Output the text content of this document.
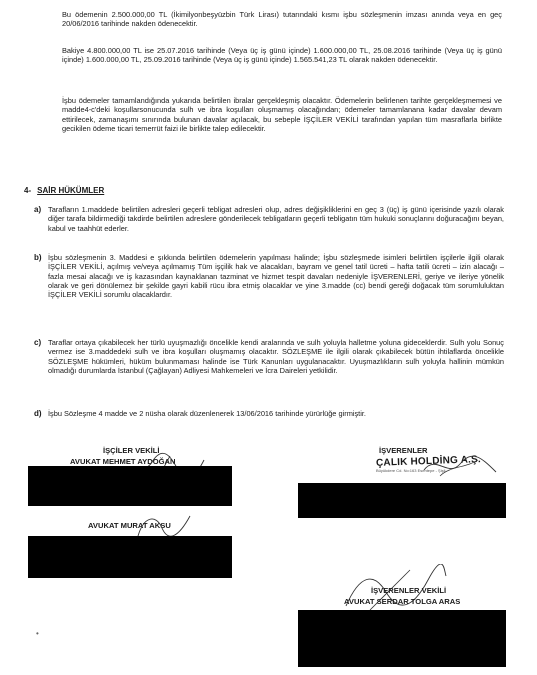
Bu ödemenin 2.500.000,00 TL (İkimilyonbeşyüzbin Türk Lirası) tutarındaki kısmı işbu sözleşmenin imzası anında veya en geç 20/06/2016 tarihinde nakden ödenecektir.

Bakiye 4.800.000,00 TL ise 25.07.2016 tarihinde (Veya üç iş günü içinde) 1.600.000,00 TL, 25.08.2016 tarihinde (Veya üç iş günü içinde) 1.600.000,00 TL, 25.09.2016 tarihinde (Veya üç iş günü içinde) 1.565.541,23 TL olarak nakden ödenecektir.

İşbu ödemeler tamamlandığında yukarıda belirtilen ibralar gerçekleşmiş olacaktır. Ödemelerin belirlenen tarihte gerçekleşmemesi ve madde4-c'deki koşullarsonucunda sulh ve ibra koşulları oluşmamış olacağından; ödemeler tamamlanana kadar davalar devam ettirilecek, zamanaşımı sınırında bulunan davalar açılacak, bu sebeple İŞÇİLER VEKİLİ tarafından yapılan tüm masraflarla birlikte gecikilen ödeme ticari temerrüt faizi ile birlikte talep edilecektir.

4- SAİR HÜKÜMLER
a) Tarafların 1.maddede belirtilen adresleri geçerli tebligat adresleri olup, adres değişikliklerini en geç 3 (üç) iş günü içerisinde yazılı olarak diğer tarafa bildirmediği takdirde belirtilen adreslere gönderilecek tebligatların geçerli tebligatın tüm hukuki sonuçlarını doğuracağını beyan, kabul ve taahhüt ederler.

b) İşbu sözleşmenin 3. Maddesi e şıkkında belirtilen ödemelerin yapılması halinde; İşbu sözleşmede isimleri belirtilen işçilerle ilgili olarak İŞÇİLER VEKİLİ, açılmış ve/veya açılmamış Tüm işçilik hak ve alacakları, bayram ve genel tatil ücreti – hafta tatili ücreti – izin alacağı – fazla mesai alacağı ve iş kazasından kaynaklanan tazminat ve hizmet tespit davaları nedeniyle İŞVERENLERİ, geriye ve ileriye yönelik olarak ve geri dönülemez bir şekilde gayri kabili rücu ibra etmiş olacaklar ve yine 3.madde (cc) bendi gereği doğacak tüm sorumluluktan İŞÇİLER VEKİLİ sorumlu olacaklardır.

c) Taraflar ortaya çıkabilecek her türlü uyuşmazlığı öncelikle kendi aralarında ve sulh yoluyla halletme yoluna gideceklerdir. Sulh yolu Sonuç vermez ise 3.maddedeki sulh ve ibra koşulları oluşmamış olacaktır. SÖZLEŞME ile ilgili olarak çıkabilecek bütün ihtilaflarda öncelikle SÖZLEŞME hükümleri, hüküm bulunmaması halinde ise Türk Kanunları uygulanacaktır. Uyuşmazlıkların sulh yoluyla hallinin mümkün olmadığı durumlarda İstanbul (Çağlayan) Adliyesi Mahkemeleri ve İcra Daireleri yetkilidir.

d) İşbu Sözleşme 4 madde ve 2 nüsha olarak düzenlenerek 13/06/2016 tarihinde yürürlüğe girmiştir.

İŞÇİLER VEKİLİ

AVUKAT MEHMET AYDOĞAN

AVUKAT MURAT AKSU

•

İŞVERENLER

ÇALIK HOLDİNG A.Ş.

Büyükdere Cd. No:163 Esentepe - Şişli

İŞVERENLER VEKİLİ

AVUKAT SERDAR TOLGA ARAS
